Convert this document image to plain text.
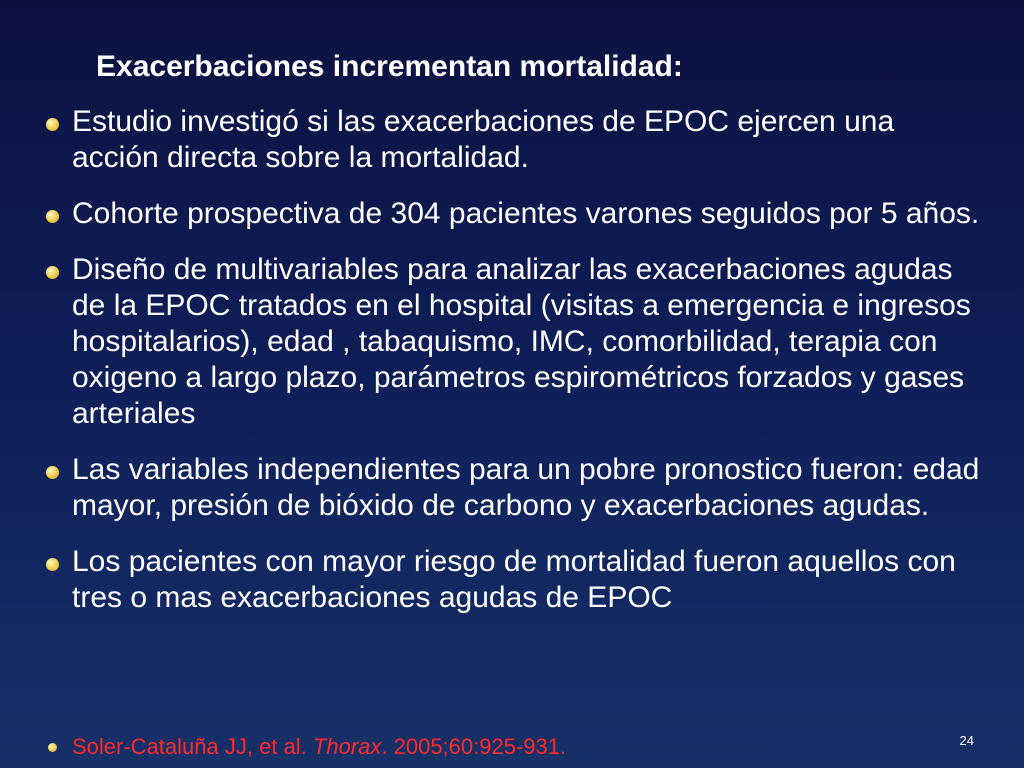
Exacerbaciones incrementan mortalidad:
Estudio investigó si las exacerbaciones de EPOC ejercen una acción directa sobre la mortalidad.
Cohorte prospectiva de 304 pacientes varones seguidos por 5 años.
Diseño de multivariables para analizar las exacerbaciones agudas de la EPOC tratados en el hospital (visitas a emergencia e ingresos hospitalarios), edad , tabaquismo, IMC, comorbilidad, terapia con oxigeno a largo plazo, parámetros espirométricos forzados y gases arteriales
Las variables independientes para un pobre pronostico fueron: edad mayor, presión de bióxido de carbono y exacerbaciones agudas.
Los pacientes con mayor riesgo de mortalidad fueron aquellos con tres o mas exacerbaciones agudas de EPOC
Soler-Cataluña JJ, et al. Thorax. 2005;60:925-931.	24
